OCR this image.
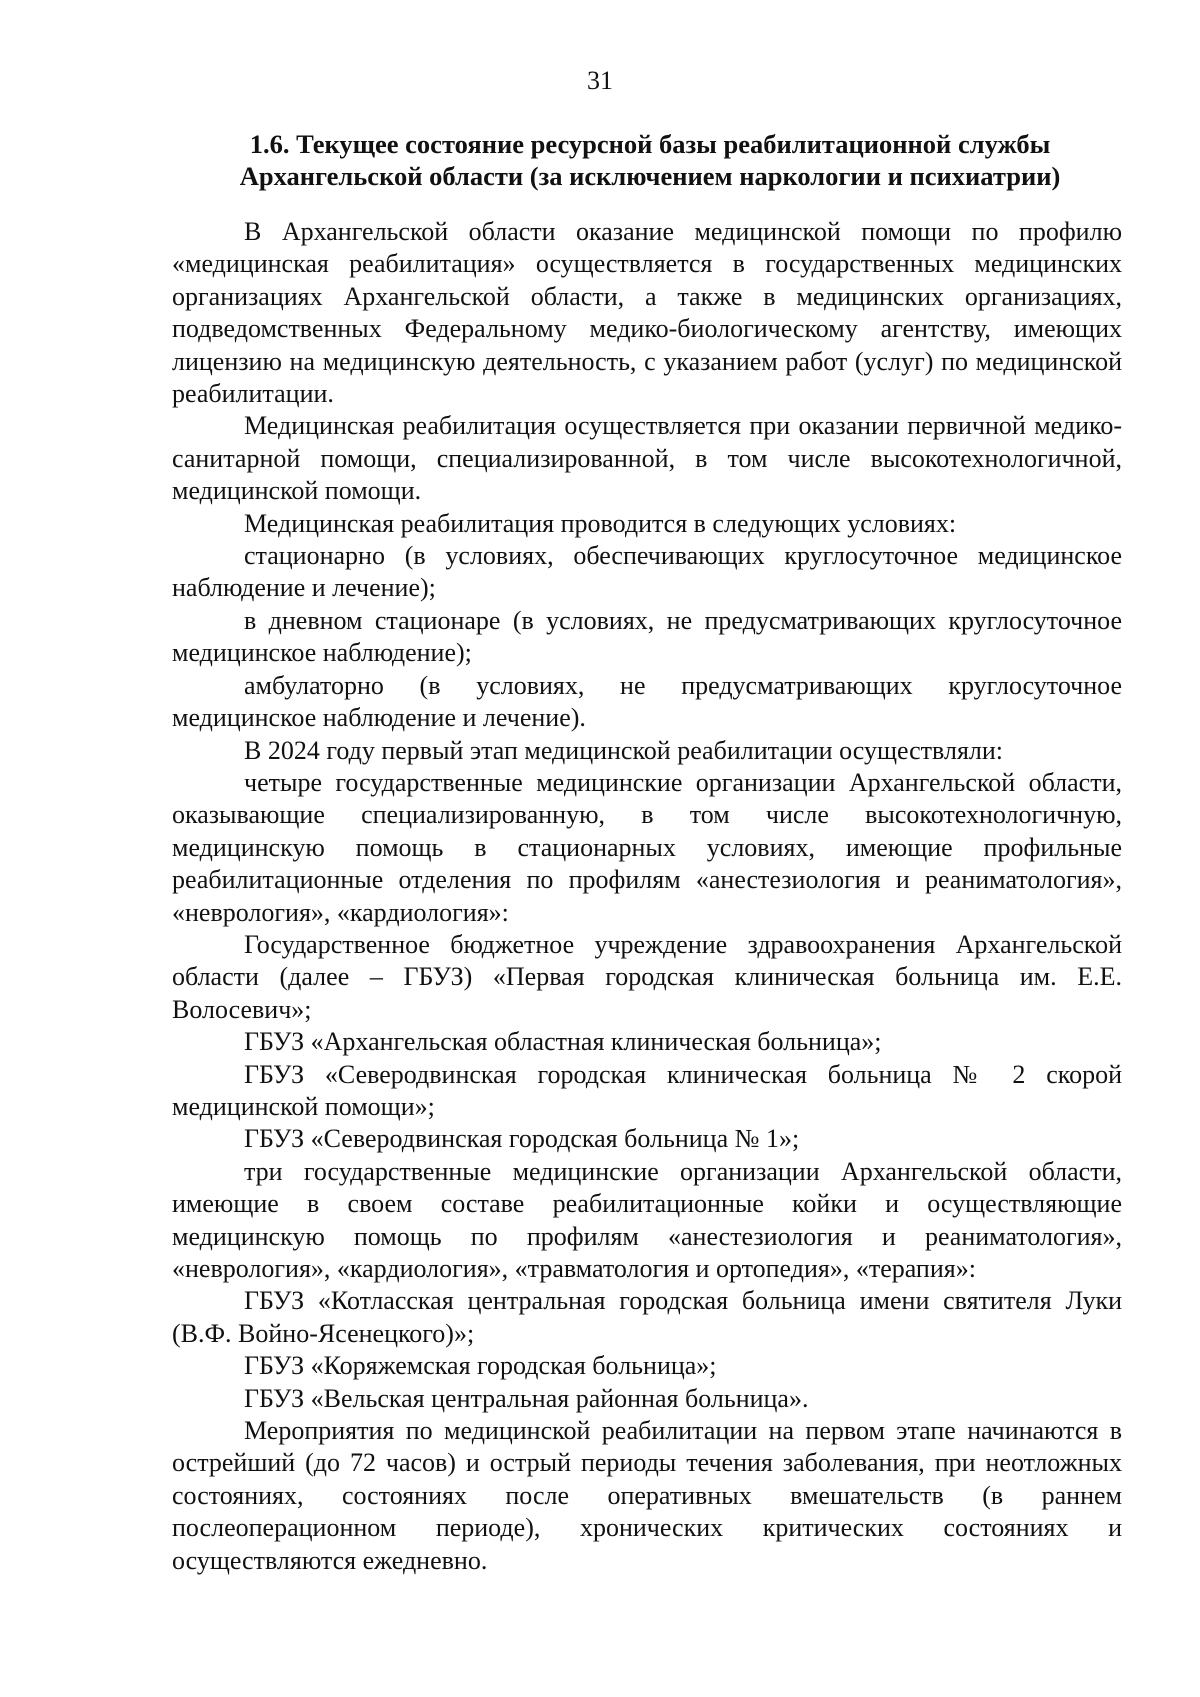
31
1.6. Текущее состояние ресурсной базы реабилитационной службы
Архангельской области (за исключением наркологии и психиатрии)

В Архангельской области оказание медицинской помощи по профилю «медицинская реабилитация» осуществляется в государственных медицинских организациях Архангельской области, а также в медицинских организациях, подведомственных Федеральному медико-биологическому агентству, имеющих лицензию на медицинскую деятельность, с указанием работ (услуг) по медицинской реабилитации.

Медицинская реабилитация осуществляется при оказании первичной медико-санитарной помощи, специализированной, в том числе высокотехнологичной, медицинской помощи.

Медицинская реабилитация проводится в следующих условиях:

стационарно (в условиях, обеспечивающих круглосуточное медицинское наблюдение и лечение);

в дневном стационаре (в условиях, не предусматривающих круглосуточное медицинское наблюдение);

амбулаторно (в условиях, не предусматривающих круглосуточное медицинское наблюдение и лечение).

В 2024 году первый этап медицинской реабилитации осуществляли:

четыре государственные медицинские организации Архангельской области, оказывающие специализированную, в том числе высокотехнологичную, медицинскую помощь в стационарных условиях, имеющие профильные реабилитационные отделения по профилям «анестезиология и реаниматология», «неврология», «кардиология»:

Государственное бюджетное учреждение здравоохранения Архангельской области (далее – ГБУЗ) «Первая городская клиническая больница им. Е.Е. Волосевич»;

ГБУЗ «Архангельская областная клиническая больница»;

ГБУЗ «Северодвинская городская клиническая больница № 2 скорой медицинской помощи»;

ГБУЗ «Северодвинская городская больница № 1»;

три государственные медицинские организации Архангельской области, имеющие в своем составе реабилитационные койки и осуществляющие медицинскую помощь по профилям «анестезиология и реаниматология», «неврология», «кардиология», «травматология и ортопедия», «терапия»:

ГБУЗ «Котласская центральная городская больница имени святителя Луки (В.Ф. Войно-Ясенецкого)»;

ГБУЗ «Коряжемская городская больница»;

ГБУЗ «Вельская центральная районная больница».

Мероприятия по медицинской реабилитации на первом этапе начинаются в острейший (до 72 часов) и острый периоды течения заболевания, при неотложных состояниях, состояниях после оперативных вмешательств (в раннем послеоперационном периоде), хронических критических состояниях и осуществляются ежедневно.
